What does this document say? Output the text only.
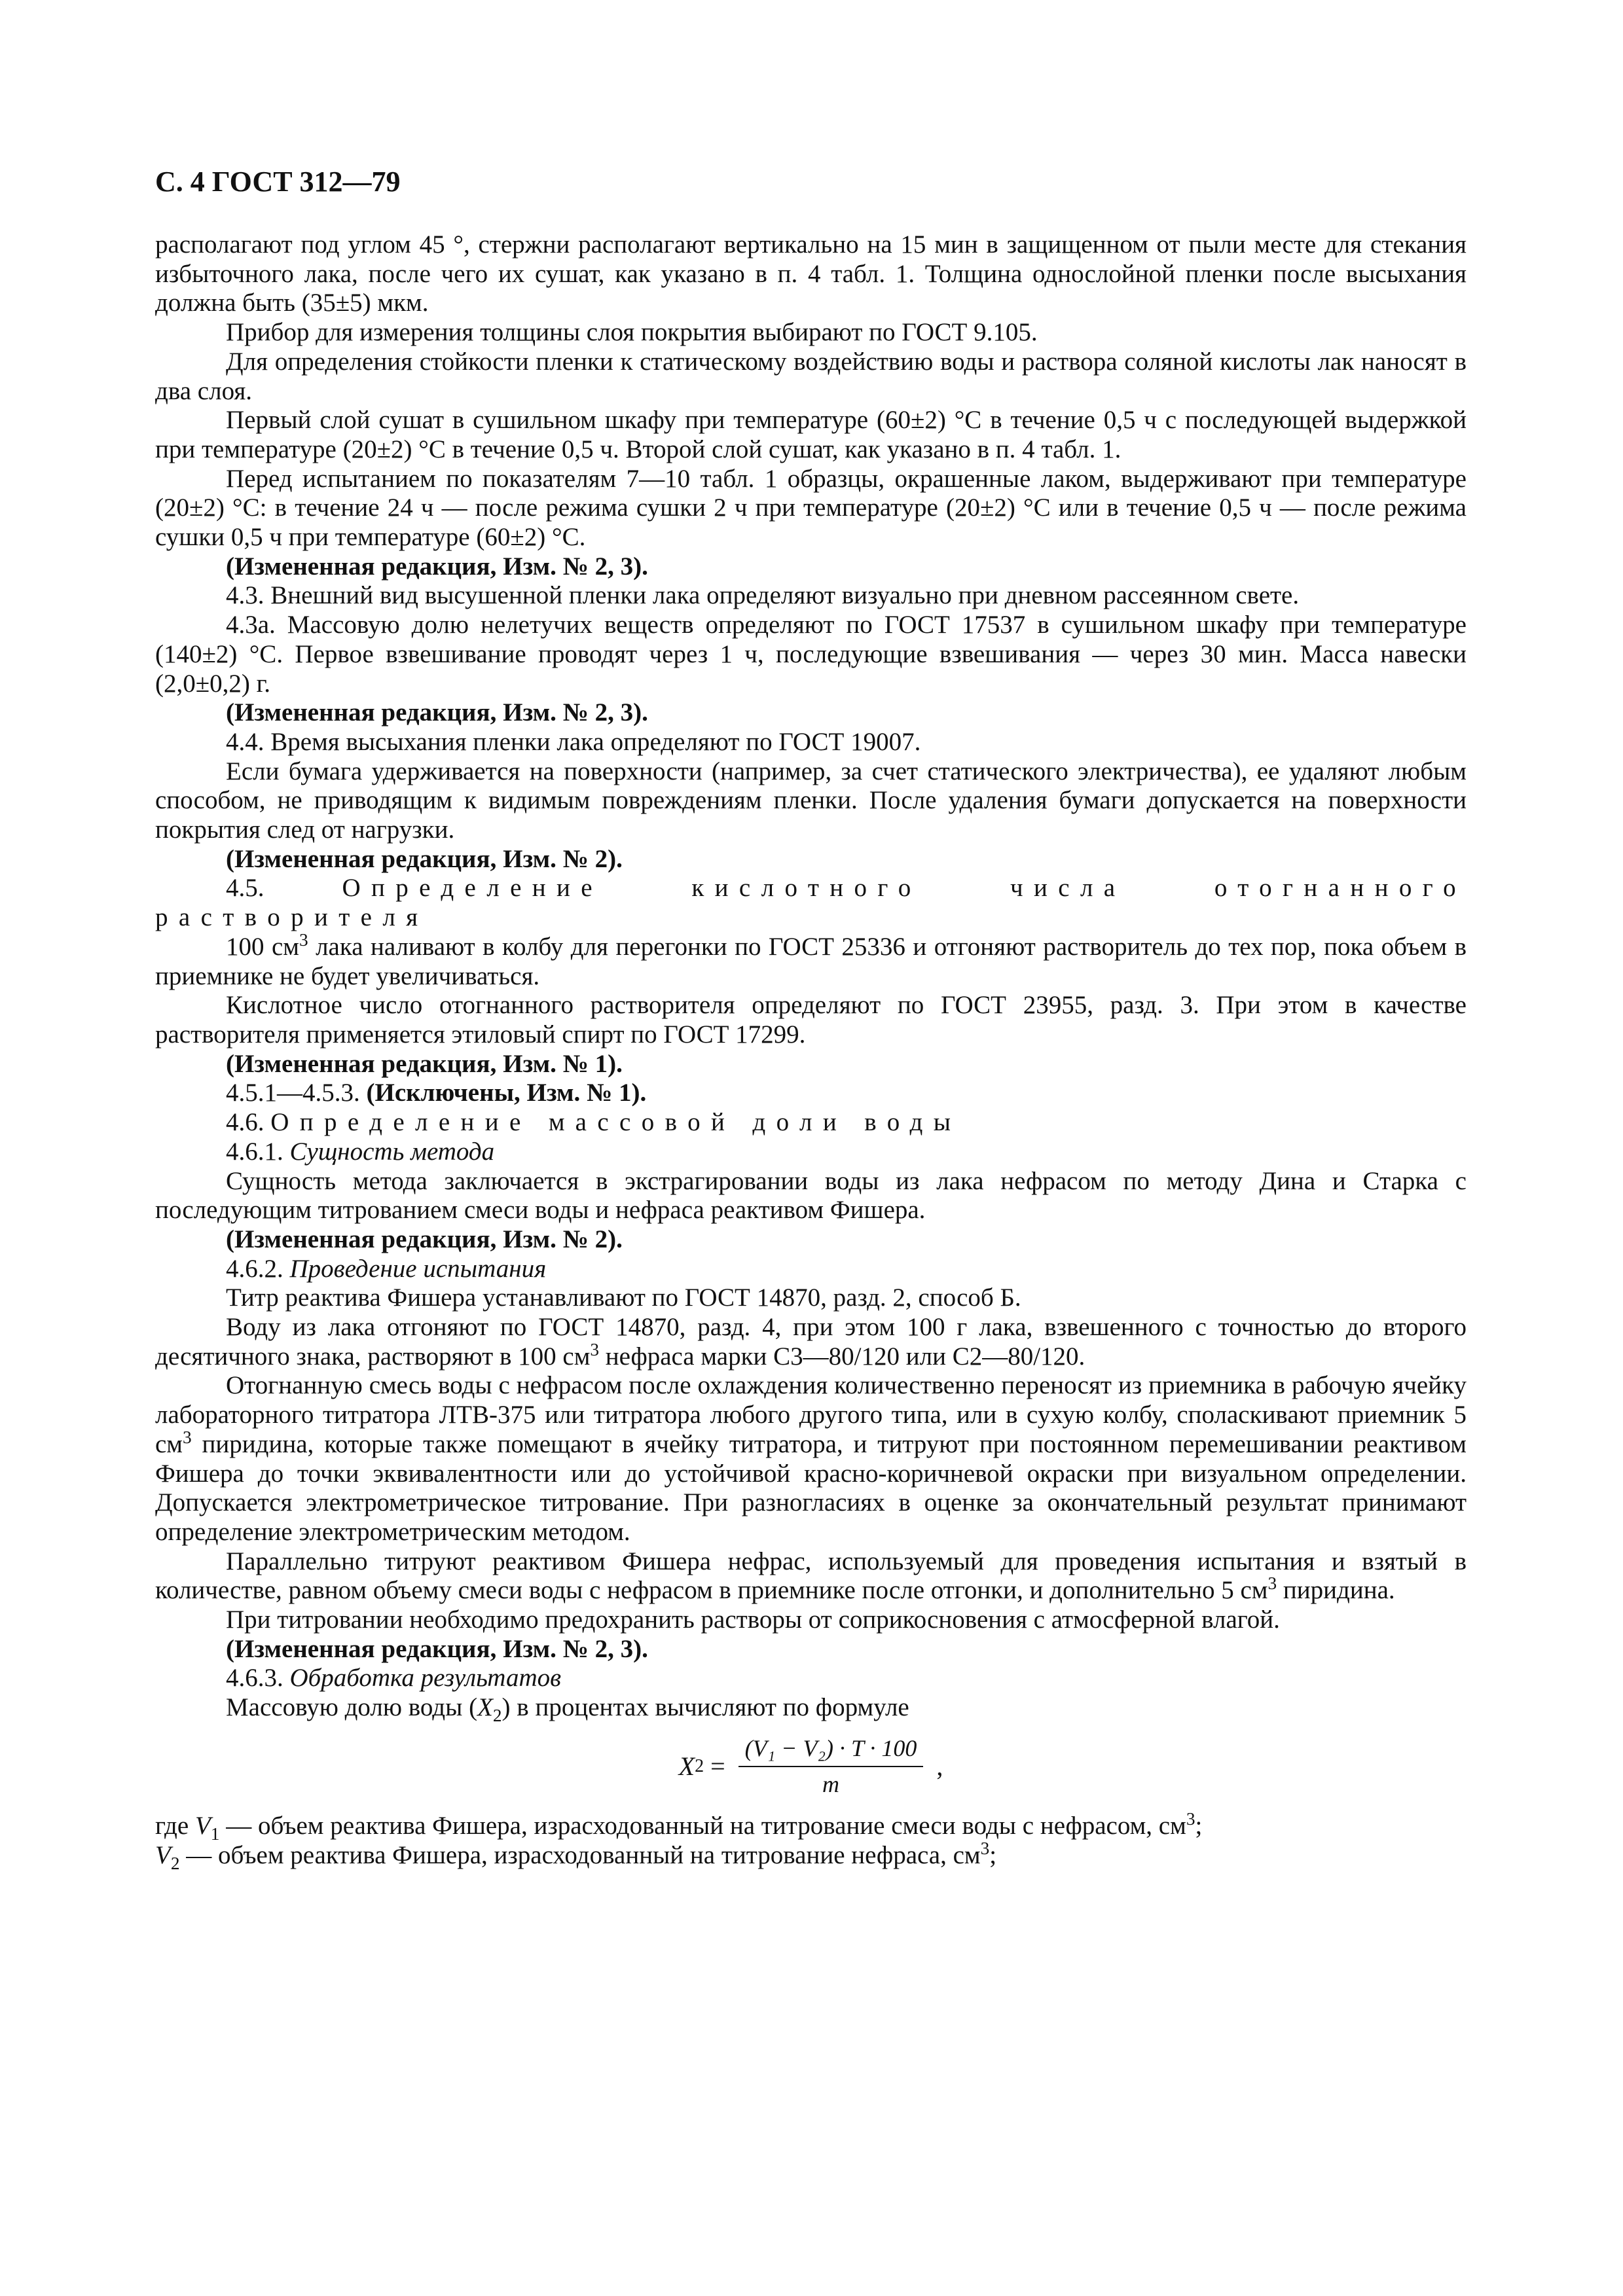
С. 4 ГОСТ 312—79

располагают под углом 45 °, стержни располагают вертикально на 15 мин в защищенном от пыли месте для стекания избыточного лака, после чего их сушат, как указано в п. 4 табл. 1. Толщина однослойной пленки после высыхания должна быть (35±5) мкм.

Прибор для измерения толщины слоя покрытия выбирают по ГОСТ 9.105.

Для определения стойкости пленки к статическому воздействию воды и раствора соляной кислоты лак наносят в два слоя.

Первый слой сушат в сушильном шкафу при температуре (60±2) °С в течение 0,5 ч с последующей выдержкой при температуре (20±2) °С в течение 0,5 ч. Второй слой сушат, как указано в п. 4 табл. 1.

Перед испытанием по показателям 7—10 табл. 1 образцы, окрашенные лаком, выдерживают при температуре (20±2) °С: в течение 24 ч — после режима сушки 2 ч при температуре (20±2) °С или в течение 0,5 ч — после режима сушки 0,5 ч при температуре (60±2) °С.

(Измененная редакция, Изм. № 2, 3).

4.3. Внешний вид высушенной пленки лака определяют визуально при дневном рассеянном свете.

4.3а. Массовую долю нелетучих веществ определяют по ГОСТ 17537 в сушильном шкафу при температуре (140±2) °С. Первое взвешивание проводят через 1 ч, последующие взвешивания — через 30 мин. Масса навески (2,0±0,2) г.

(Измененная редакция, Изм. № 2, 3).

4.4. Время высыхания пленки лака определяют по ГОСТ 19007.

Если бумага удерживается на поверхности (например, за счет статического электричества), ее удаляют любым способом, не приводящим к видимым повреждениям пленки. После удаления бумаги допускается на поверхности покрытия след от нагрузки.

(Измененная редакция, Изм. № 2).

4.5. Определение кислотного числа отогнанного растворителя

100 $см^3$ лака наливают в колбу для перегонки по ГОСТ 25336 и отгоняют растворитель до тех пор, пока объем в приемнике не будет увеличиваться.

Кислотное число отогнанного растворителя определяют по ГОСТ 23955, разд. 3. При этом в качестве растворителя применяется этиловый спирт по ГОСТ 17299.

(Измененная редакция, Изм. № 1).

4.5.1—4.5.3. (Исключены, Изм. № 1).

4.6. Определение массовой доли воды

4.6.1. Сущность метода

Сущность метода заключается в экстрагировании воды из лака нефрасом по методу Дина и Старка с последующим титрованием смеси воды и нефраса реактивом Фишера.

(Измененная редакция, Изм. № 2).

4.6.2. Проведение испытания

Титр реактива Фишера устанавливают по ГОСТ 14870, разд. 2, способ Б.

Воду из лака отгоняют по ГОСТ 14870, разд. 4, при этом 100 г лака, взвешенного с точностью до второго десятичного знака, растворяют в 100 $см^3$ нефраса марки С3—80/120 или С2—80/120.

Отогнанную смесь воды с нефрасом после охлаждения количественно переносят из приемника в рабочую ячейку лабораторного титратора ЛТВ-375 или титратора любого другого типа, или в сухую колбу, споласкивают приемник 5 $см^3$ пиридина, которые также помещают в ячейку титратора, и титруют при постоянном перемешивании реактивом Фишера до точки эквивалентности или до устойчивой красно-коричневой окраски при визуальном определении. Допускается электрометрическое титрование. При разногласиях в оценке за окончательный результат принимают определение электрометрическим методом.

Параллельно титруют реактивом Фишера нефрас, используемый для проведения испытания и взятый в количестве, равном объему смеси воды с нефрасом в приемнике после отгонки, и дополнительно 5 $см^3$ пиридина.

При титровании необходимо предохранить растворы от соприкосновения с атмосферной влагой.

(Измененная редакция, Изм. № 2, 3).

4.6.3. Обработка результатов

Массовую долю воды $(X_2)$ в процентах вычисляют по формуле

X $2 = \frac{\text{(V₁ − V₂) · T · 100}}{m}$ ,

где $V_1$ — объем реактива Фишера, израсходованный на титрование смеси воды с нефрасом, $см^3$;

$V_2$ — объем реактива Фишера, израсходованный на титрование нефраса, $см^3$;
